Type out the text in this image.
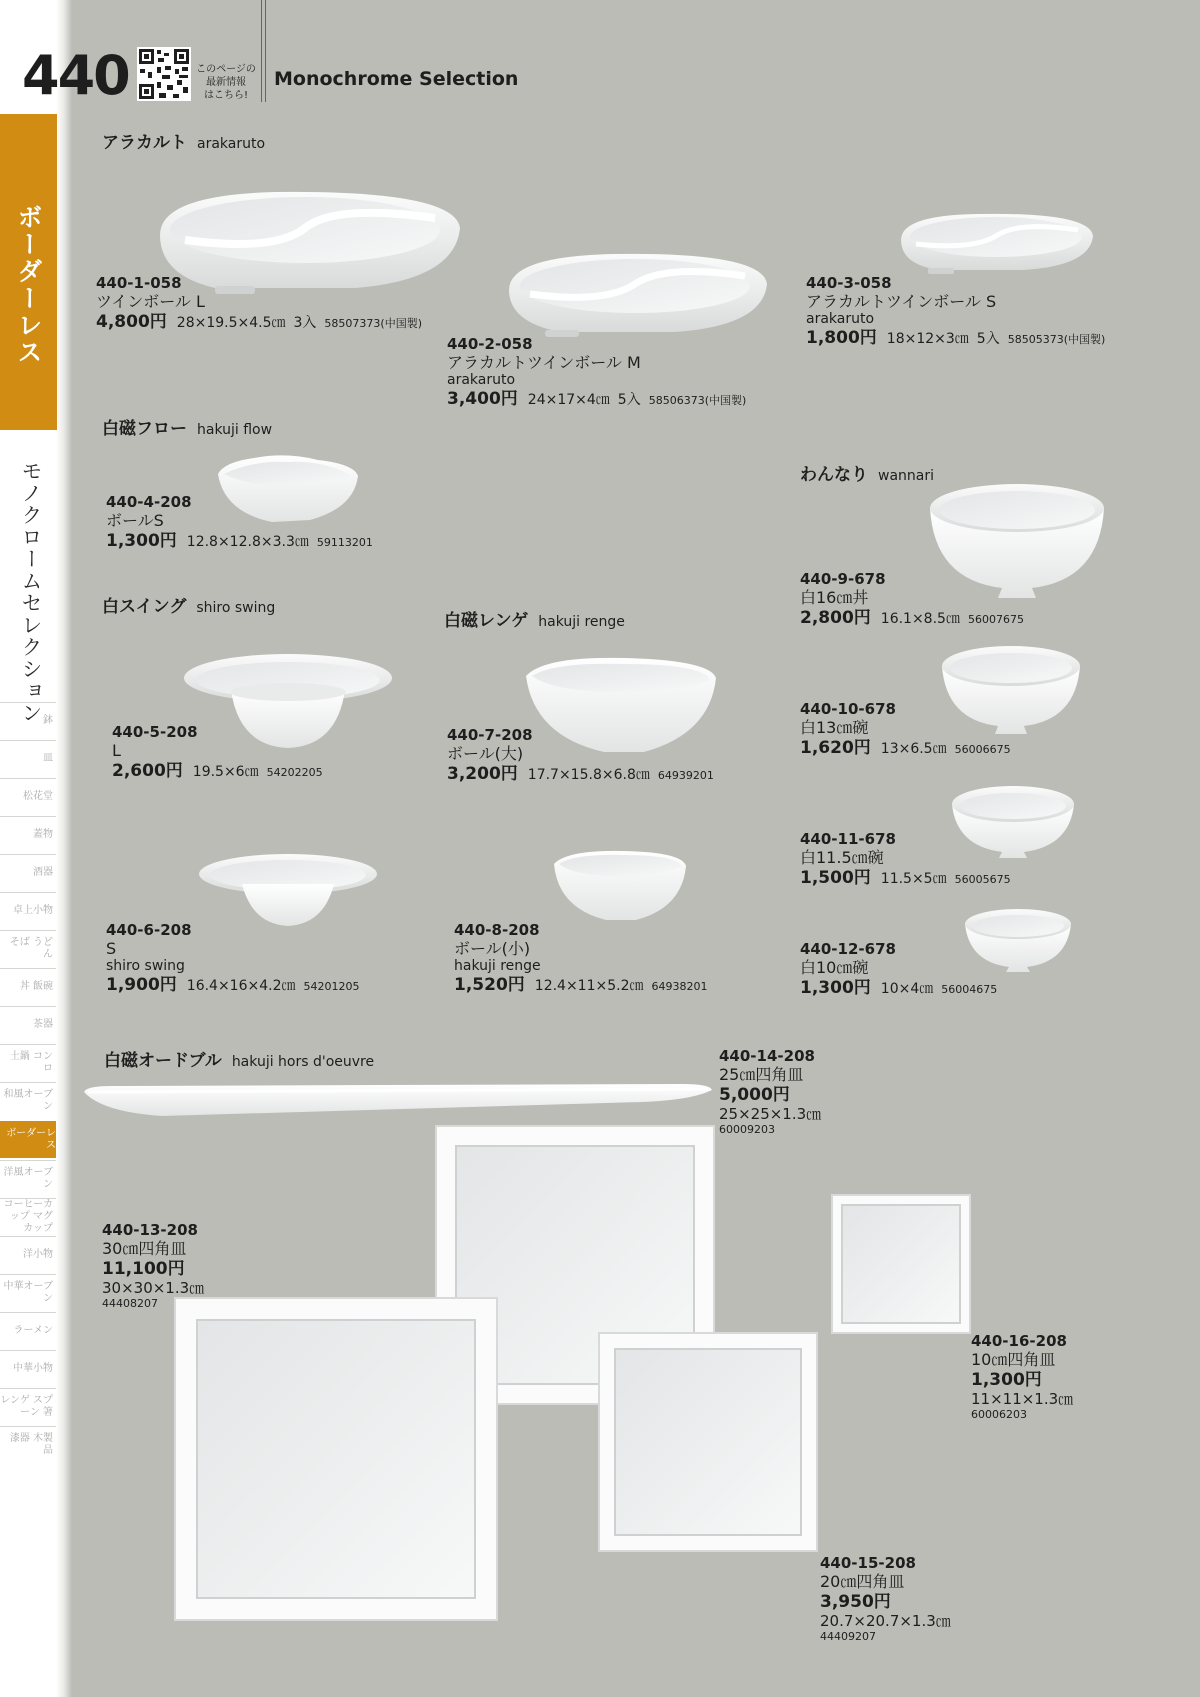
ボーダーレス
モノクロームセレクション 鉢
皿
松花堂
蓋物
酒器
卓上小物
そば うどん
丼 飯碗
茶器
土鍋 コンロ
和風オーブン
ボーダーレス
洋風オーブン
コーヒーカップ マグカップ
洋小物
中華オーブン
ラーメン
中華小物
レンゲ スプーン 箸
漆器 木製品
440	このページの
最新情報
はこちら!
Monochrome Selection
アラカルト arakaruto
白磁フロー hakuji flow
白スイング shiro swing
白磁レンゲ hakuji renge
わんなり wannari
白磁オードブル hakuji hors d'oeuvre
440-1-058
ツインボール L
4,800円 28×19.5×4.5㎝ 3入 58507373(中国製)
440-2-058
アラカルトツインボール M
arakaruto
3,400円 24×17×4㎝ 5入 58506373(中国製)
440-3-058
アラカルトツインボール S
arakaruto
1,800円 18×12×3㎝ 5入 58505373(中国製)
440-4-208
ボールS
1,300円 12.8×12.8×3.3㎝ 59113201
440-5-208
L
2,600円 19.5×6㎝ 54202205
440-6-208
S
shiro swing
1,900円 16.4×16×4.2㎝ 54201205
440-7-208
ボール(大)
3,200円 17.7×15.8×6.8㎝ 64939201
440-8-208
ボール(小)
hakuji renge
1,520円 12.4×11×5.2㎝ 64938201
440-9-678
白16㎝丼
2,800円 16.1×8.5㎝ 56007675
440-10-678
白13㎝碗
1,620円 13×6.5㎝ 56006675
440-11-678
白11.5㎝碗
1,500円 11.5×5㎝ 56005675
440-12-678
白10㎝碗
1,300円 10×4㎝ 56004675
440-13-208
30㎝四角皿
11,100円
30×30×1.3㎝
44408207
440-14-208
25㎝四角皿
5,000円
25×25×1.3㎝
60009203
440-15-208
20㎝四角皿
3,950円
20.7×20.7×1.3㎝
44409207
440-16-208
10㎝四角皿
1,300円
11×11×1.3㎝
60006203
